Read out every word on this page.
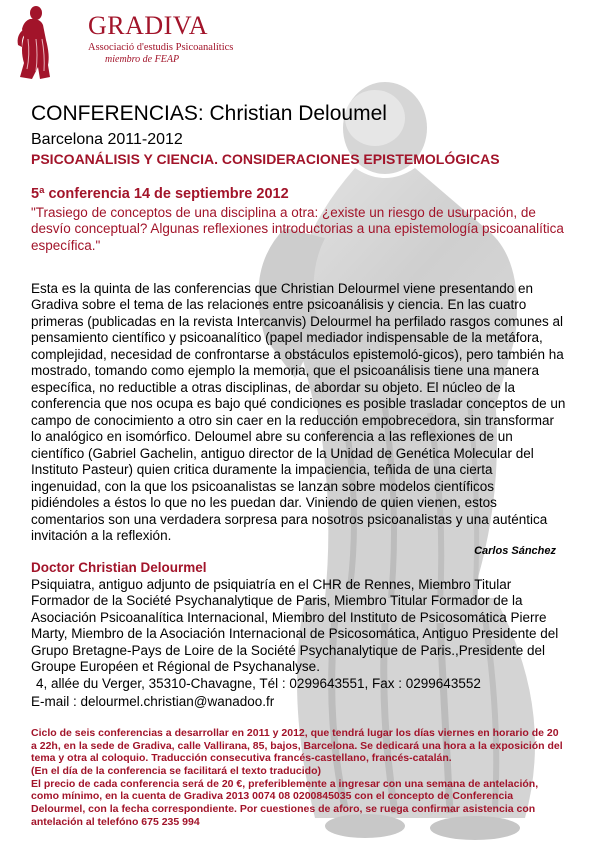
GRADIVA
Associació d'estudis Psicoanalítics
miembro de FEAP
CONFERENCIAS: Christian Deloumel
Barcelona 2011-2012
PSICOANÁLISIS Y CIENCIA. CONSIDERACIONES EPISTEMOLÓGICAS
5ª conferencia 14 de septiembre 2012
"Trasiego de conceptos de una disciplina a otra: ¿existe un riesgo de usurpación, de desvío conceptual? Algunas reflexiones introductorias a una epistemología psicoanalítica específica."
Esta es la quinta de las conferencias que Christian Delourmel viene presentando en Gradiva sobre el tema de las relaciones entre psicoanálisis y ciencia. En las cuatro primeras (publicadas en la revista Intercanvis) Delourmel ha perfilado rasgos comunes al pensamiento científico y psicoanalítico (papel mediador indispensable de la metáfora, complejidad, necesidad de confrontarse a obstáculos epistemoló-gicos), pero también ha mostrado, tomando como ejemplo la memoria, que el psicoanálisis tiene una manera específica, no reductible a otras disciplinas, de abordar su objeto. El núcleo de la conferencia que nos ocupa es bajo qué condiciones es posible trasladar conceptos de un campo de conocimiento a otro sin caer en la reducción empobrecedora, sin transformar lo analógico en isomórfico. Deloumel abre su conferencia a las reflexiones de un científico (Gabriel Gachelin, antiguo director de la Unidad de Genética Molecular del Instituto Pasteur) quien critica duramente la impaciencia, teñida de una cierta ingenuidad, con la que los psicoanalistas se lanzan sobre modelos científicos pidiéndoles a éstos lo que no les puedan dar. Viniendo de quien vienen, estos comentarios son una verdadera sorpresa para nosotros psicoanalistas y una auténtica invitación a la reflexión.
Carlos Sánchez
Doctor Christian Delourmel
Psiquiatra, antiguo adjunto de psiquiatría en el CHR de Rennes, Miembro Titular Formador de la Société Psychanalytique de Paris, Miembro Titular Formador de la Asociación Psicoanalítica Internacional, Miembro del Instituto de Psicosomática Pierre Marty, Miembro de la Asociación Internacional de Psicosomática, Antiguo Presidente del Grupo Bretagne-Pays de Loire de la Société Psychanalytique de Paris.,Presidente del Groupe Européen et Régional de Psychanalyse.
4, allée du Verger, 35310-Chavagne, Tél : 0299643551, Fax : 0299643552
E-mail : delourmel.christian@wanadoo.fr
Ciclo de seis conferencias a desarrollar en 2011 y 2012, que tendrá lugar los días viernes en horario de 20 a 22h, en la sede de Gradiva, calle Vallirana, 85, bajos, Barcelona. Se dedicará una hora a la exposición del tema y otra al coloquio. Traducción consecutiva francés-castellano, francés-catalán.
(En el día de la conferencia se facilitará el texto traducido)
El precio de cada conferencia será de 20 €, preferiblemente a ingresar con una semana de antelación, como mínimo, en la cuenta de Gradiva 2013 0074 08 0200845035 con el concepto de Conferencia Delourmel, con la fecha correspondiente. Por cuestiones de aforo, se ruega confirmar asistencia con antelación al telefóno 675 235 994
